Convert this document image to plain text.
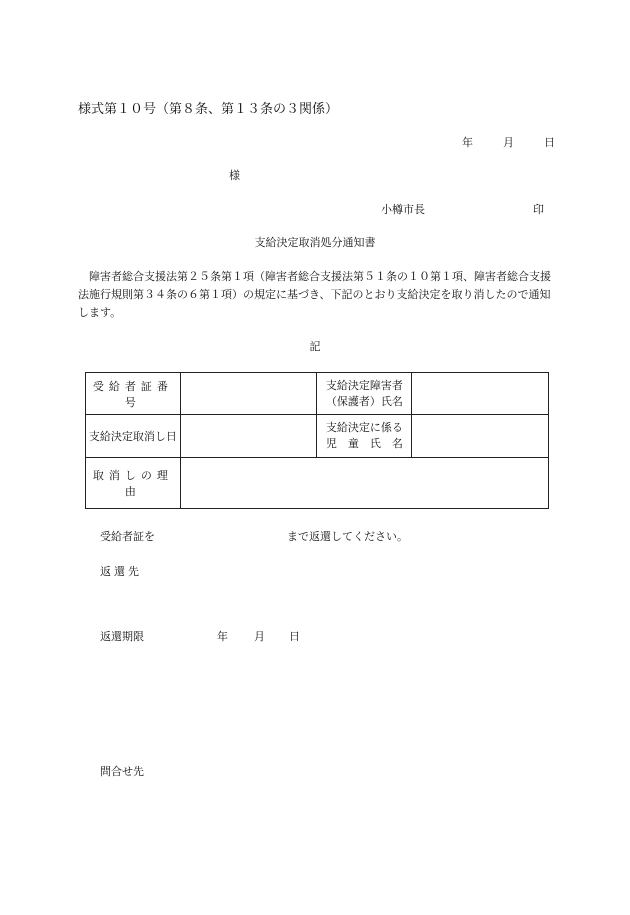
様式第１０号（第８条、第１３条の３関係）
年	月	日
様
小樽市長	印
支給決定取消処分通知書
障害者総合支援法第２５条第１項（障害者総合支援法第５１条の１０第１項、障害者総合支援法施行規則第３４条の６第１項）の規定に基づき、下記のとおり支給決定を取り消したので通知します。
記
受給者証番号		支給決定障害者
（保護者）氏名	

支給決定取消し日		支給決定に係る
児　童　氏　名	

取消しの理由			
受給者証を	まで返還してください。
返還先
返還期限	年 月 日
問合せ先
